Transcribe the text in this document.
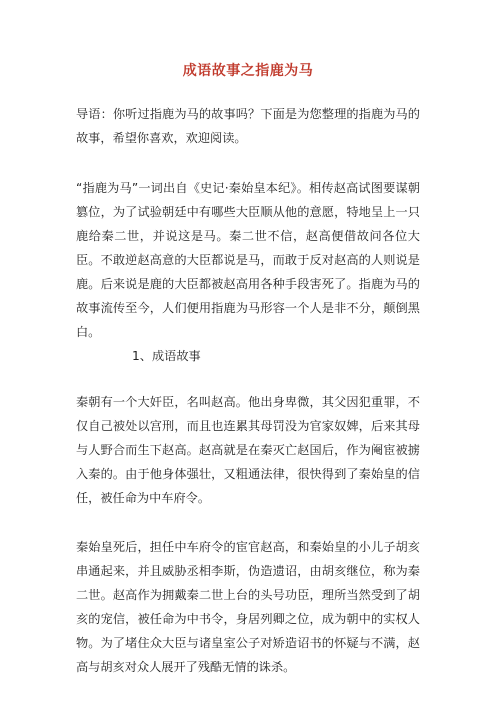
成语故事之指鹿为马

导语：你听过指鹿为马的故事吗？下面是为您整理的指鹿为马的故事，希望你喜欢，欢迎阅读。

“指鹿为马”一词出自《史记·秦始皇本纪》。相传赵高试图要谋朝篡位，为了试验朝廷中有哪些大臣顺从他的意愿，特地呈上一只鹿给秦二世，并说这是马。秦二世不信，赵高便借故问各位大臣。不敢逆赵高意的大臣都说是马，而敢于反对赵高的人则说是鹿。后来说是鹿的大臣都被赵高用各种手段害死了。指鹿为马的故事流传至今，人们便用指鹿为马形容一个人是非不分，颠倒黑白。

1、成语故事

秦朝有一个大奸臣，名叫赵高。他出身卑微，其父因犯重罪，不仅自己被处以宫刑，而且也连累其母罚没为官家奴婢，后来其母与人野合而生下赵高。赵高就是在秦灭亡赵国后，作为阉宦被掳入秦的。由于他身体强壮，又粗通法律，很快得到了秦始皇的信任，被任命为中车府令。

秦始皇死后，担任中车府令的宦官赵高，和秦始皇的小儿子胡亥串通起来，并且威胁丞相李斯，伪造遗诏，由胡亥继位，称为秦二世。赵高作为拥戴秦二世上台的头号功臣，理所当然受到了胡亥的宠信，被任命为中书令，身居列卿之位，成为朝中的实权人物。为了堵住众大臣与诸皇室公子对矫造诏书的怀疑与不满，赵高与胡亥对众人展开了残酷无情的诛杀。
